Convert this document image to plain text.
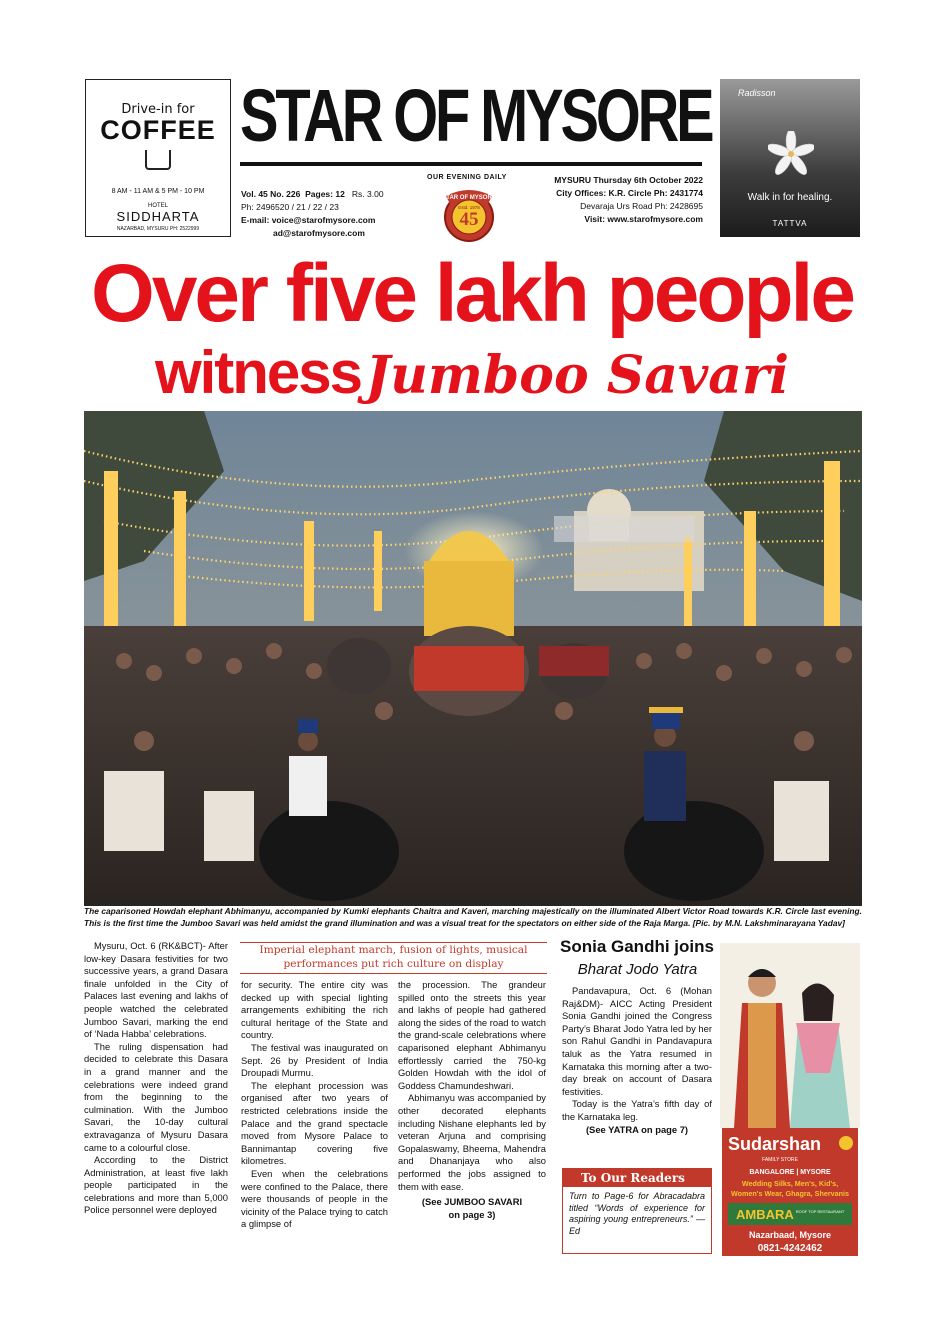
Drive-in for
COFFEE
8 AM - 11 AM & 5 PM - 10 PM
HOTEL
SIDDHARTA
NAZARBAD, MYSURU PH: 2522999
STAR OF MYSORE
OUR EVENING DAILY
Vol. 45 No. 226 Pages: 12 Rs. 3.00
Ph: 2496520 / 21 / 22 / 23
E-mail: voice@starofmysore.com
ad@starofmysore.com
STAR OF MYSORE
45
Estd. 1978
MYSURU Thursday 6th October 2022
City Offices: K.R. Circle Ph: 2431774
Devaraja Urs Road Ph: 2428695
Visit: www.starofmysore.com
Radisson
Walk in for healing.
TATTVA
Over five lakh people
witness Jumboo Savari
The caparisoned Howdah elephant Abhimanyu, accompanied by Kumki elephants Chaitra and Kaveri, marching majestically on the illuminated Albert Victor Road towards K.R. Circle last evening. This is the first time the Jumboo Savari was held amidst the grand illumination and was a visual treat for the spectators on either side of the Raja Marga. [Pic. by M.N. Lakshminarayana Yadav]
Imperial elephant march, fusion of lights, musical performances put rich culture on display

Mysuru, Oct. 6 (RK&BCT)- After low-key Dasara festivities for two successive years, a grand Dasara finale unfolded in the City of Palaces last evening and lakhs of people watched the celebrated Jumboo Savari, marking the end of ‘Nada Habba’ celebrations.

The ruling dispensation had decided to celebrate this Dasara in a grand manner and the celebrations were indeed grand from the beginning to the culmination. With the Jumboo Savari, the 10-day cultural extravaganza of Mysuru Dasara came to a colourful close.

According to the District Administration, at least five lakh people participated in the celebrations and more than 5,000 Police personnel were deployed

for security. The entire city was decked up with special lighting arrangements exhibiting the rich cultural heritage of the State and country.

The festival was inaugurated on Sept. 26 by President of India Droupadi Murmu.

The elephant procession was organised after two years of restricted celebrations inside the Palace and the grand spectacle moved from Mysore Palace to Bannimantap covering five kilometres.

Even when the celebrations were confined to the Palace, there were thousands of people in the vicinity of the Palace trying to catch a glimpse of

the procession. The grandeur spilled onto the streets this year and lakhs of people had gathered along the sides of the road to watch the grand-scale celebrations where caparisoned elephant Abhimanyu effortlessly carried the 750-kg Golden Howdah with the idol of Goddess Chamundeshwari.

Abhimanyu was accompanied by other decorated elephants including Nishane elephants led by veteran Arjuna and comprising Gopalaswamy, Bheema, Mahendra and Dhananjaya who also performed the jobs assigned to them with ease.

(See JUMBOO SAVARI
on page 3)
Sonia Gandhi joins
Bharat Jodo Yatra

Pandavapura, Oct. 6 (Mohan Raj&DM)- AICC Acting President Sonia Gandhi joined the Congress Party’s Bharat Jodo Yatra led by her son Rahul Gandhi in Pandavapura taluk as the Yatra resumed in Karnataka this morning after a two-day break on account of Dasara festivities.

Today is the Yatra’s fifth day of the Karnataka leg.

(See YATRA on page 7)
To Our Readers
Turn to Page-6 for Abracadabra titled “Words of experience for aspiring young entrepreneurs.” —Ed
Sudarshan
FAMILY STORE
BANGALORE | MYSORE
Wedding Silks, Men's, Kid's,
Women's Wear, Ghagra, Shervanis
AMBARA ROOF TOP RESTAURANT
Nazarbaad, Mysore
0821-4242462
